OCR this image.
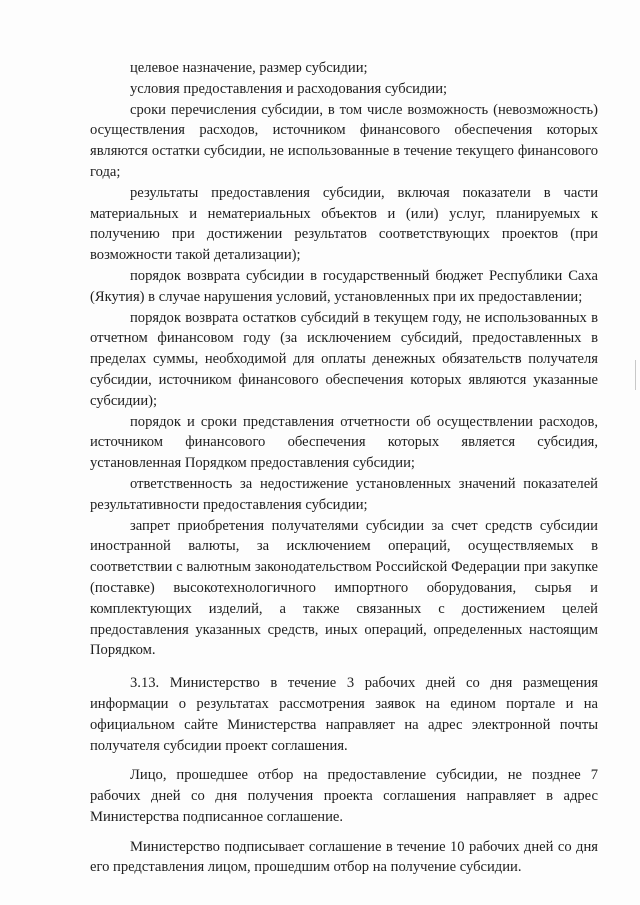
целевое назначение, размер субсидии;

условия предоставления и расходования субсидии;

сроки перечисления субсидии, в том числе возможность (невозможность) осуществления расходов, источником финансового обеспечения которых являются остатки субсидии, не использованные в течение текущего финансового года;

результаты предоставления субсидии, включая показатели в части материальных и нематериальных объектов и (или) услуг, планируемых к получению при достижении результатов соответствующих проектов (при возможности такой детализации);

порядок возврата субсидии в государственный бюджет Республики Саха (Якутия) в случае нарушения условий, установленных при их предоставлении;

порядок возврата остатков субсидий в текущем году, не использованных в отчетном финансовом году (за исключением субсидий, предоставленных в пределах суммы, необходимой для оплаты денежных обязательств получателя субсидии, источником финансового обеспечения которых являются указанные субсидии);

порядок и сроки представления отчетности об осуществлении расходов, источником финансового обеспечения которых является субсидия, установленная Порядком предоставления субсидии;

ответственность за недостижение установленных значений показателей результативности предоставления субсидии;

запрет приобретения получателями субсидии за счет средств субсидии иностранной валюты, за исключением операций, осуществляемых в соответствии с валютным законодательством Российской Федерации при закупке (поставке) высокотехнологичного импортного оборудования, сырья и комплектующих изделий, а также связанных с достижением целей предоставления указанных средств, иных операций, определенных настоящим Порядком.

3.13. Министерство в течение 3 рабочих дней со дня размещения информации о результатах рассмотрения заявок на едином портале и на официальном сайте Министерства направляет на адрес электронной почты получателя субсидии проект соглашения.

Лицо, прошедшее отбор на предоставление субсидии, не позднее 7 рабочих дней со дня получения проекта соглашения направляет в адрес Министерства подписанное соглашение.

Министерство подписывает соглашение в течение 10 рабочих дней со дня его представления лицом, прошедшим отбор на получение субсидии.
